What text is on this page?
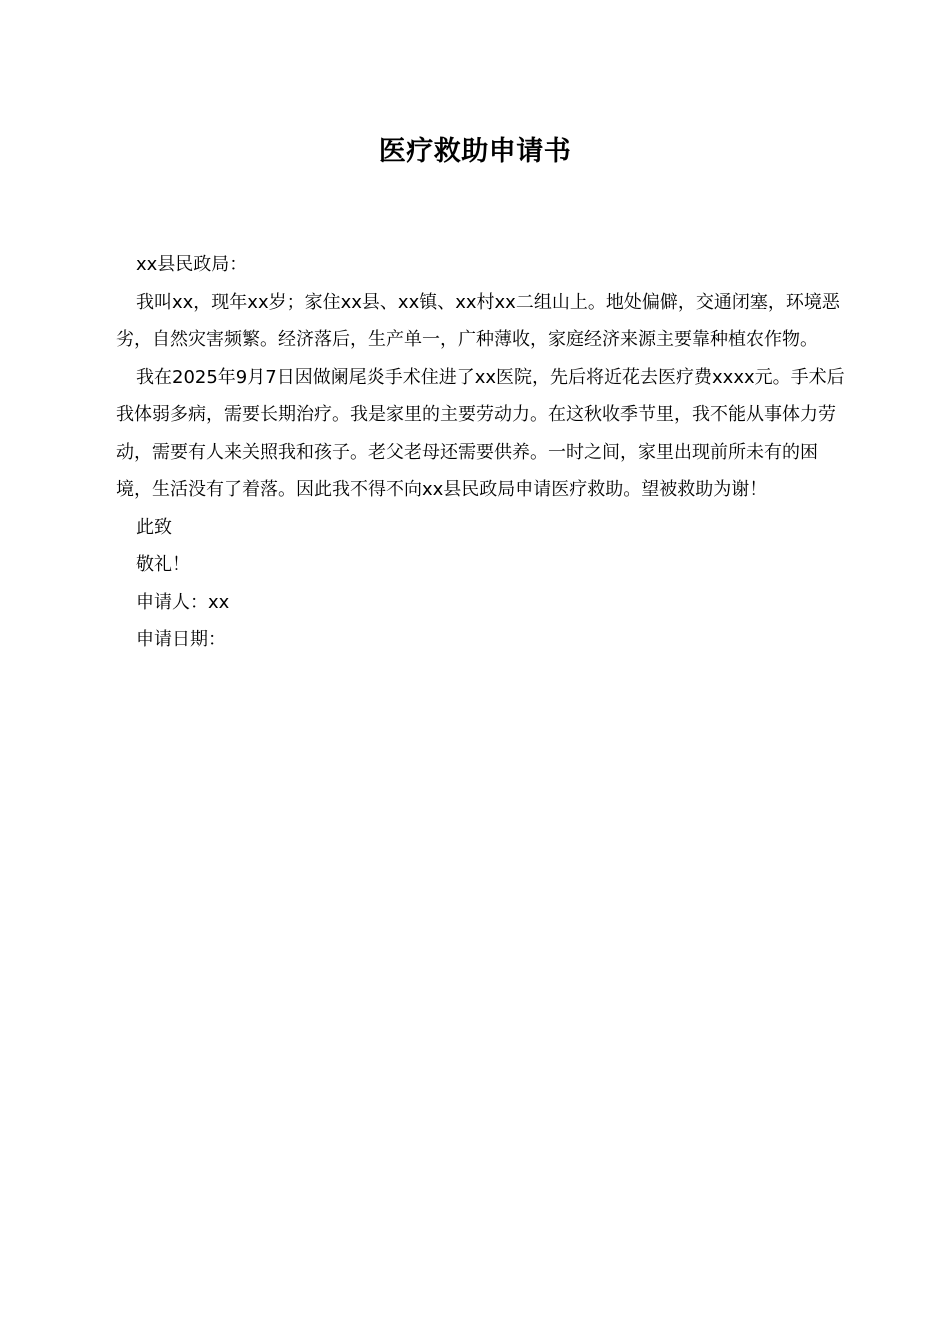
医疗救助申请书

xx县民政局：

我叫xx，现年xx岁；家住xx县、xx镇、xx村xx二组山上。地处偏僻，交通闭塞，环境恶劣，自然灾害频繁。经济落后，生产单一，广种薄收，家庭经济来源主要靠种植农作物。

我在2025年9月7日因做阑尾炎手术住进了xx医院，先后将近花去医疗费xxxx元。手术后我体弱多病，需要长期治疗。我是家里的主要劳动力。在这秋收季节里，我不能从事体力劳动，需要有人来关照我和孩子。老父老母还需要供养。一时之间，家里出现前所未有的困境，生活没有了着落。因此我不得不向xx县民政局申请医疗救助。望被救助为谢！

此致

敬礼！

申请人：xx

申请日期：
